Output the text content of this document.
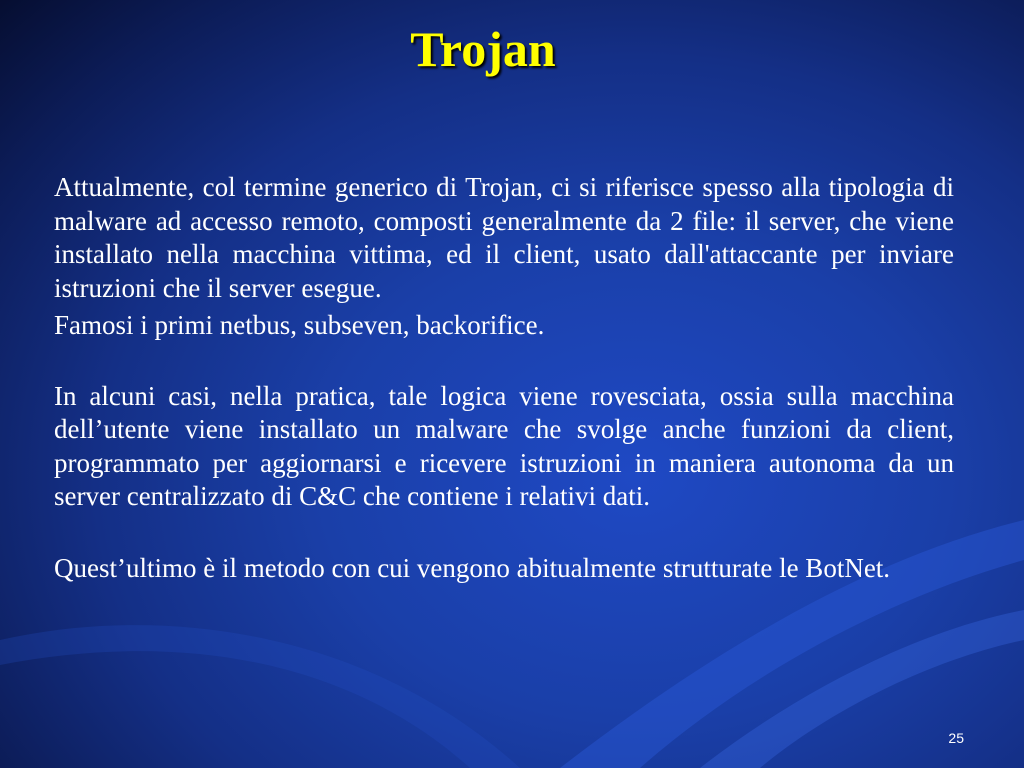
Trojan

Attualmente, col termine generico di Trojan, ci si riferisce spesso alla tipologia di malware ad accesso remoto, composti generalmente da 2 file: il server, che viene installato nella macchina vittima, ed il client, usato dall'attaccante per inviare istruzioni che il server esegue.

Famosi i primi netbus, subseven, backorifice.

In alcuni casi, nella pratica, tale logica viene rovesciata, ossia sulla macchina dell’utente viene installato un malware che svolge anche funzioni da client, programmato per aggiornarsi e ricevere istruzioni in maniera autonoma da un server centralizzato di C&C che contiene i relativi dati.

Quest’ultimo è il metodo con cui vengono abitualmente strutturate le BotNet.

25
